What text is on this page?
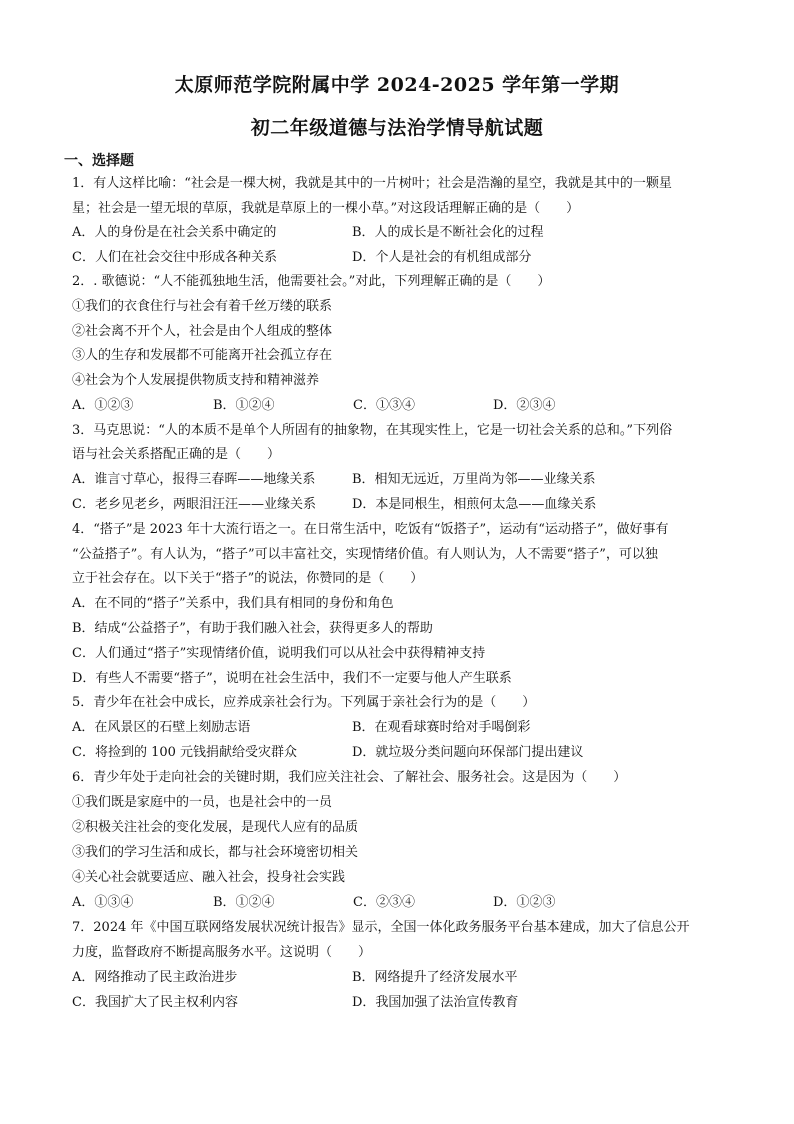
太原师范学院附属中学 2024-2025 学年第一学期
初二年级道德与法治学情导航试题
一、选择题
1．有人这样比喻：“社会是一棵大树，我就是其中的一片树叶；社会是浩瀚的星空，我就是其中的一颗星
星；社会是一望无垠的草原，我就是草原上的一棵小草。”对这段话理解正确的是（　　）
A．人的身份是在社会关系中确定的	B．人的成长是不断社会化的过程
C．人们在社会交往中形成各种关系	D．个人是社会的有机组成部分
2．. 歌德说：“人不能孤独地生活，他需要社会。”对此，下列理解正确的是（　　）
①我们的衣食住行与社会有着千丝万缕的联系
②社会离不开个人，社会是由个人组成的整体
③人的生存和发展都不可能离开社会孤立存在
④社会为个人发展提供物质支持和精神滋养
A．①②③	B．①②④	C．①③④	D．②③④
3．马克思说：“人的本质不是单个人所固有的抽象物，在其现实性上，它是一切社会关系的总和。”下列俗
语与社会关系搭配正确的是（　　）
A．谁言寸草心，报得三春晖——地缘关系	B．相知无远近，万里尚为邻——业缘关系
C．老乡见老乡，两眼泪汪汪——业缘关系	D．本是同根生，相煎何太急——血缘关系
4．“搭子”是 2023 年十大流行语之一。在日常生活中，吃饭有“饭搭子”，运动有“运动搭子”，做好事有
“公益搭子”。有人认为，“搭子”可以丰富社交，实现情绪价值。有人则认为，人不需要“搭子”，可以独
立于社会存在。以下关于“搭子”的说法，你赞同的是（　　）
A．在不同的“搭子”关系中，我们具有相同的身份和角色
B．结成“公益搭子”，有助于我们融入社会，获得更多人的帮助
C．人们通过“搭子”实现情绪价值，说明我们可以从社会中获得精神支持
D．有些人不需要“搭子”，说明在社会生活中，我们不一定要与他人产生联系
5．青少年在社会中成长，应养成亲社会行为。下列属于亲社会行为的是（　　）
A．在风景区的石壁上刻励志语	B．在观看球赛时给对手喝倒彩
C．将捡到的 100 元钱捐献给受灾群众	D．就垃圾分类问题向环保部门提出建议
6．青少年处于走向社会的关键时期，我们应关注社会、了解社会、服务社会。这是因为（　　）
①我们既是家庭中的一员，也是社会中的一员
②积极关注社会的变化发展，是现代人应有的品质
③我们的学习生活和成长，都与社会环境密切相关
④关心社会就要适应、融入社会，投身社会实践
A．①③④	B．①②④	C．②③④	D．①②③
7．2024 年《中国互联网络发展状况统计报告》显示，全国一体化政务服务平台基本建成，加大了信息公开
力度，监督政府不断提高服务水平。这说明（　　）
A．网络推动了民主政治进步	B．网络提升了经济发展水平
C．我国扩大了民主权利内容	D．我国加强了法治宣传教育
